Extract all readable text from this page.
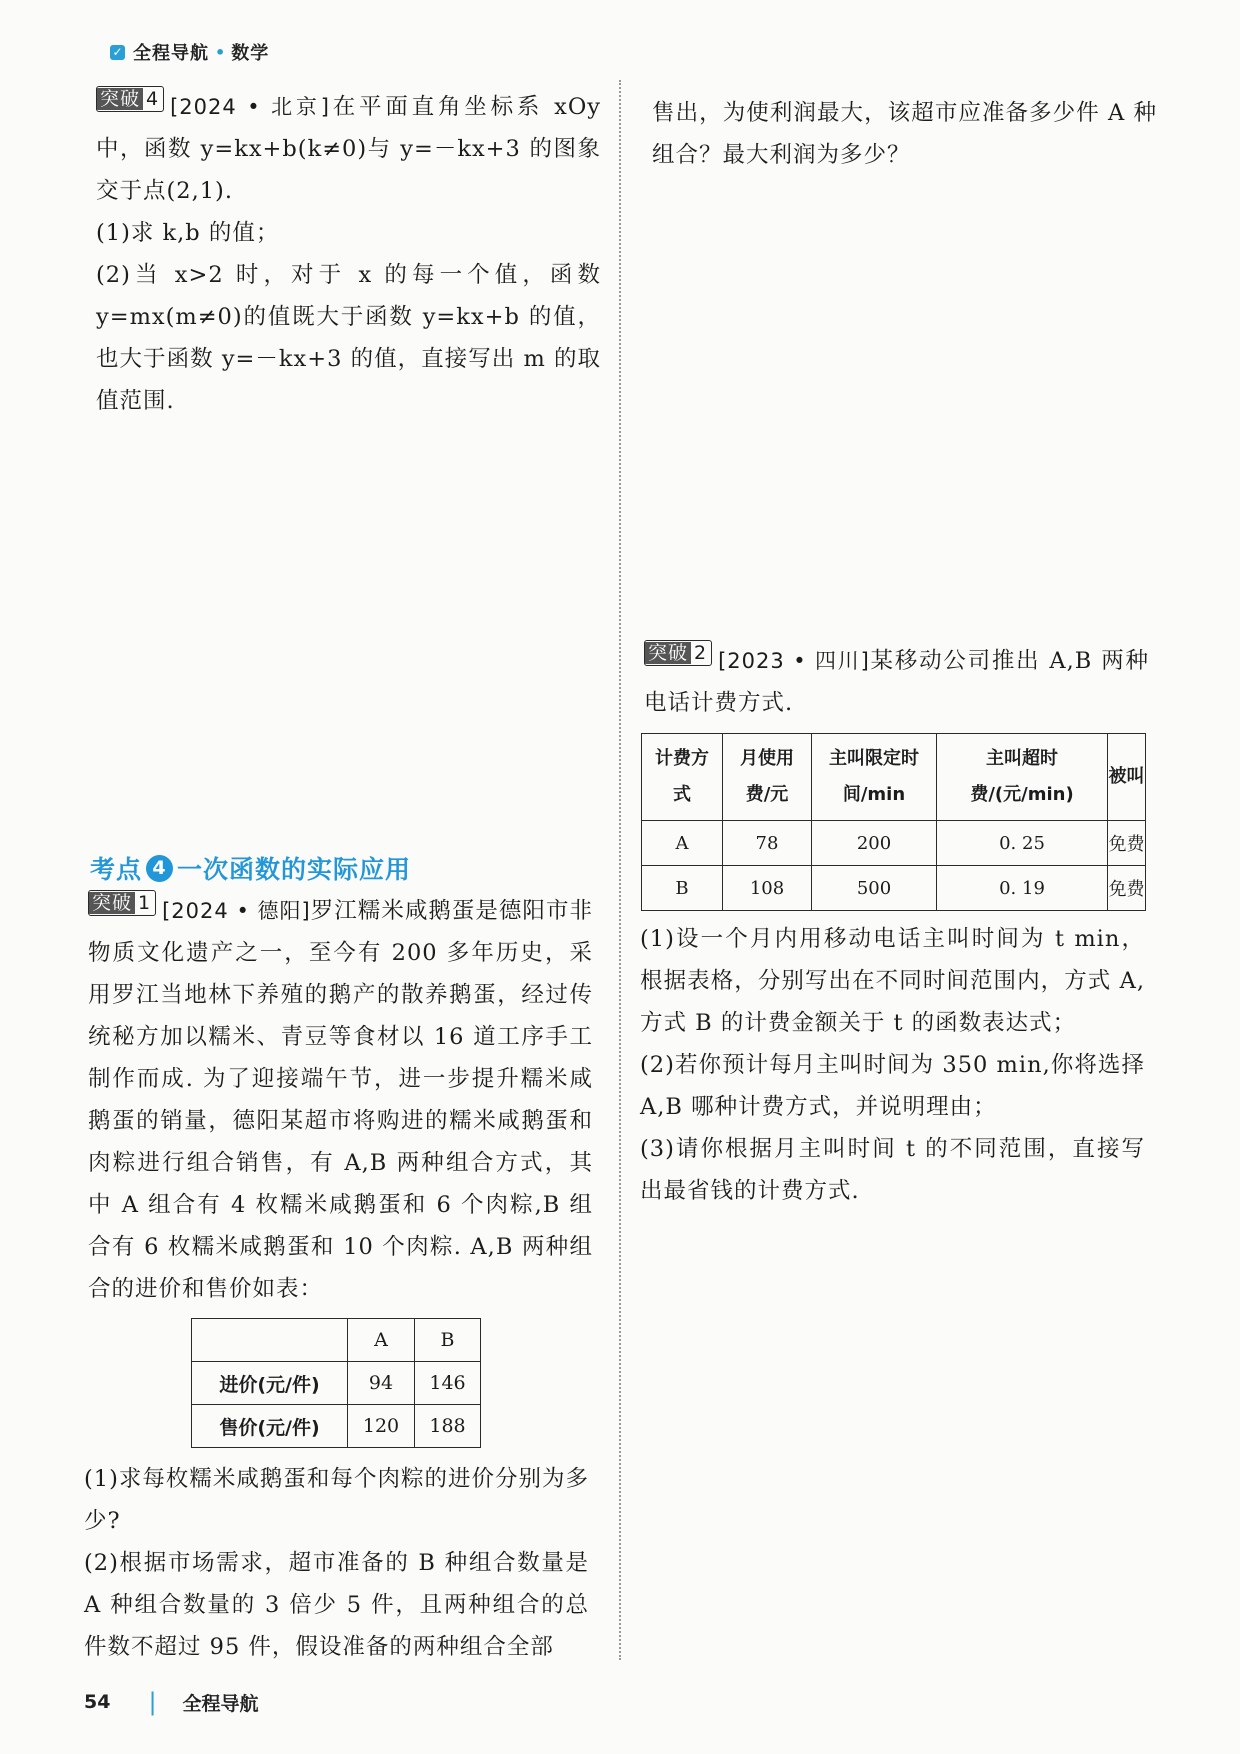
✓ 全程导航 • 数学

突破 4 [2024 • 北京]在平面直角坐标系 xOy 中，函数 y=kx+b(k≠0)与 y=－kx+3 的图象交于点(2,1).

(1)求 k,b 的值；

(2)当 x>2 时，对于 x 的每一个值，函数 y=mx(m≠0)的值既大于函数 y=kx+b 的值，也大于函数 y=－kx+3 的值，直接写出 m 的取值范围.

考点 4 一次函数的实际应用

突破 1 [2024 • 德阳]罗江糯米咸鹅蛋是德阳市非物质文化遗产之一，至今有 200 多年历史，采用罗江当地林下养殖的鹅产的散养鹅蛋，经过传统秘方加以糯米、青豆等食材以 16 道工序手工制作而成. 为了迎接端午节，进一步提升糯米咸鹅蛋的销量，德阳某超市将购进的糯米咸鹅蛋和肉粽进行组合销售，有 A,B 两种组合方式，其中 A 组合有 4 枚糯米咸鹅蛋和 6 个肉粽,B 组合有 6 枚糯米咸鹅蛋和 10 个肉粽. A,B 两种组合的进价和售价如表：

	A	B
进价(元/件)	94	146
售价(元/件)	120	188

(1)求每枚糯米咸鹅蛋和每个肉粽的进价分别为多少?

(2)根据市场需求，超市准备的 B 种组合数量是 A 种组合数量的 3 倍少 5 件，且两种组合的总件数不超过 95 件，假设准备的两种组合全部

售出，为使利润最大，该超市应准备多少件 A 种组合？最大利润为多少？

突破 2 [2023 • 四川]某移动公司推出 A,B 两种电话计费方式.

计费方式	月使用费/元	主叫限定时间/min	主叫超时费/(元/min)	被叫
A	78	200	0. 25	免费
B	108	500	0. 19	免费

(1)设一个月内用移动电话主叫时间为 t min，根据表格，分别写出在不同时间范围内，方式 A,方式 B 的计费金额关于 t 的函数表达式；

(2)若你预计每月主叫时间为 350 min,你将选择 A,B 哪种计费方式，并说明理由；

(3)请你根据月主叫时间 t 的不同范围，直接写出最省钱的计费方式.

54 | 全程导航
